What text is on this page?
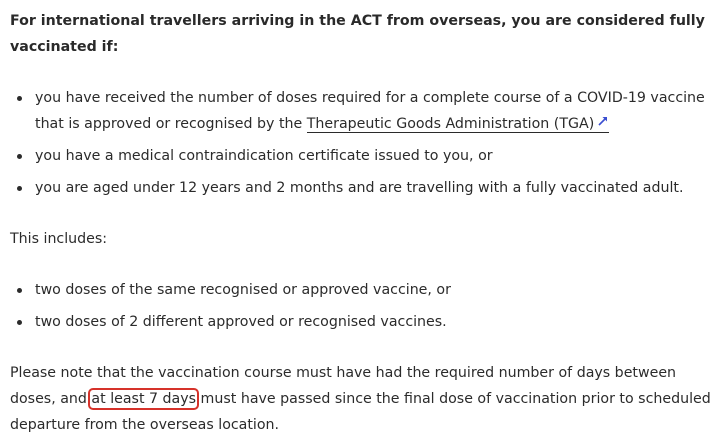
For international travellers arriving in the ACT from overseas, you are considered fully vaccinated if:

you have received the number of doses required for a complete course of a COVID-19 vaccine that is approved or recognised by the Therapeutic Goods Administration (TGA)
you have a medical contraindication certificate issued to you, or
you are aged under 12 years and 2 months and are travelling with a fully vaccinated adult.

This includes:

two doses of the same recognised or approved vaccine, or
two doses of 2 different approved or recognised vaccines.

Please note that the vaccination course must have had the required number of days between doses, and at least 7 days must have passed since the final dose of vaccination prior to scheduled departure from the overseas location.
